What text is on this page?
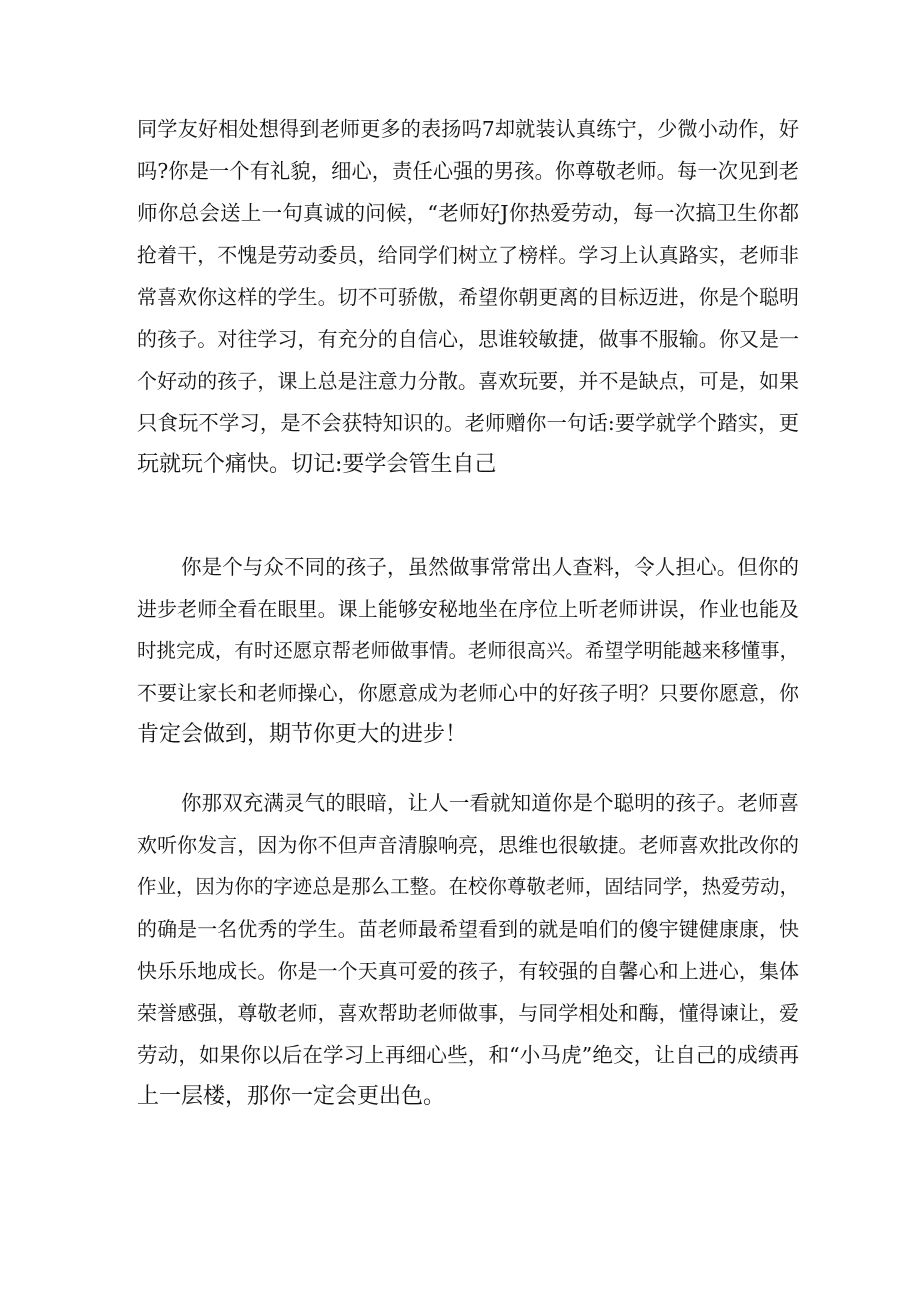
同学友好相处想得到老师更多的表扬吗7却就装认真练宁，少微小动作，好
吗?你是一个有礼貌，细心，责任心强的男孩。你尊敬老师。每一次见到老
师你总会送上一句真诚的问候，“老师好J你热爱劳动，每一次搞卫生你都
抢着干，不愧是劳动委员，给同学们树立了榜样。学习上认真路实，老师非
常喜欢你这样的学生。切不可骄傲，希望你朝更离的目标迈进，你是个聪明
的孩子。对往学习，有充分的自信心，思谁较敏捷，做事不服输。你又是一
个好动的孩子，课上总是注意力分散。喜欢玩要，并不是缺点，可是，如果
只食玩不学习，是不会获特知识的。老师赠你一句话:要学就学个踏实，更
玩就玩个痛快。切记:要学会管生自己
你是个与众不同的孩子，虽然做事常常出人查料，令人担心。但你的
进步老师全看在眼里。课上能够安秘地坐在序位上听老师讲误，作业也能及
时挑完成，有时还愿京帮老师做事情。老师很高兴。希望学明能越来移懂事，
不要让家长和老师操心，你愿意成为老师心中的好孩子明？只要你愿意，你
肯定会做到，期节你更大的进步！
你那双充满灵气的眼暗，让人一看就知道你是个聪明的孩子。老师喜
欢听你发言，因为你不但声音清腺响亮，思维也很敏捷。老师喜欢批改你的
作业，因为你的字迹总是那么工整。在校你尊敬老师，固结同学，热爱劳动，
的确是一名优秀的学生。苗老师最希望看到的就是咱们的傻宇键健康康，快
快乐乐地成长。你是一个天真可爱的孩子，有较强的自馨心和上进心，集体
荣誉感强，尊敬老师，喜欢帮助老师做事，与同学相处和酶，懂得谏让，爱
劳动，如果你以后在学习上再细心些，和“小马虎”绝交，让自己的成绩再
上一层楼，那你一定会更出色。
